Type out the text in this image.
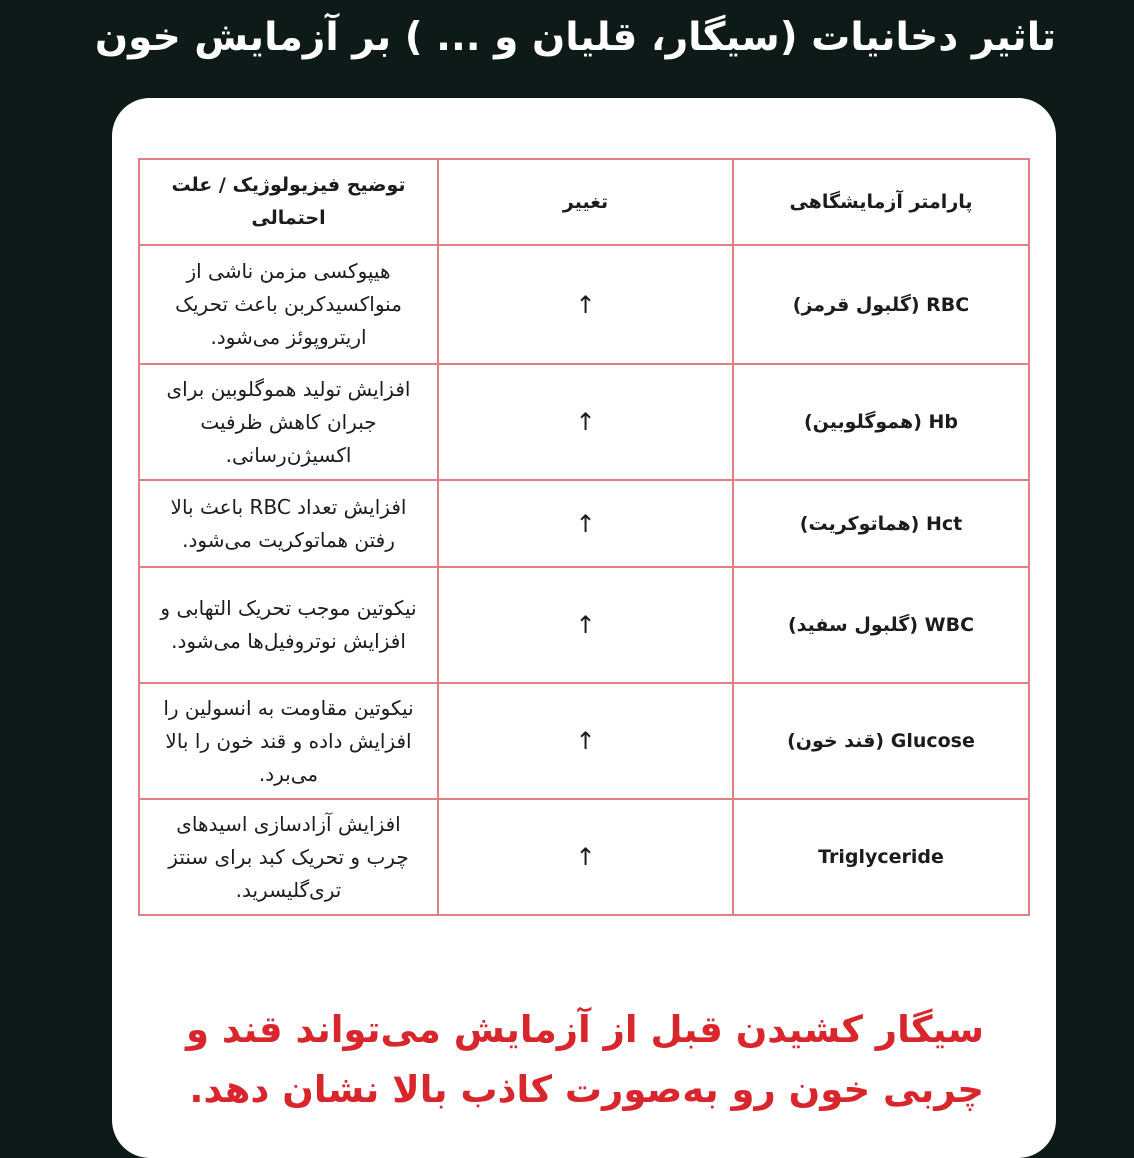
تاثیر دخانیات (سیگار، قلیان و ... ) بر آزمایش خون
پارامتر آزمایشگاهی	تغییر	توضیح فیزیولوژیک / علت احتمالی
RBC (گلبول قرمز)	↑	هیپوکسی مزمن ناشی از منواکسیدکربن باعث تحریک اریتروپوئز می‌شود.
Hb (هموگلوبین)	↑	افزایش تولید هموگلوبین برای جبران کاهش ظرفیت اکسیژن‌رسانی.
Hct (هماتوکریت)	↑	افزایش تعداد RBC باعث بالا رفتن هماتوکریت می‌شود.
WBC (گلبول سفید)	↑	نیکوتین موجب تحریک التهابی و افزایش نوتروفیل‌ها می‌شود.
Glucose (قند خون)	↑	نیکوتین مقاومت به انسولین را افزایش داده و قند خون را بالا می‌برد.
Triglyceride	↑	افزایش آزادسازی اسیدهای چرب و تحریک کبد برای سنتز تری‌گلیسرید.
سیگار کشیدن قبل از آزمایش می‌تواند قند و چربی خون رو به‌صورت کاذب بالا نشان دهد.
